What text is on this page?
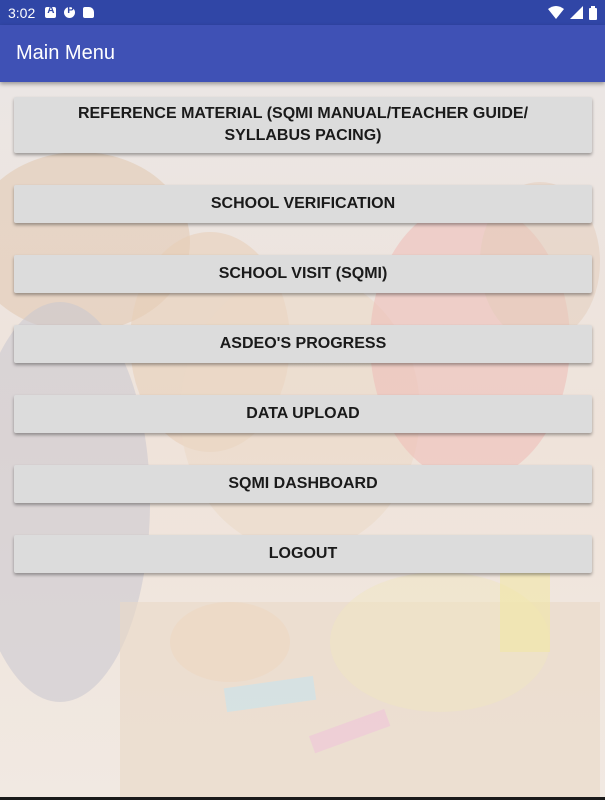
3:02
A
P
Main Menu
REFERENCE MATERIAL (SQMI MANUAL/TEACHER GUIDE/
SYLLABUS PACING)
SCHOOL VERIFICATION
SCHOOL VISIT (SQMI)
ASDEO'S PROGRESS
DATA UPLOAD
SQMI DASHBOARD
LOGOUT
